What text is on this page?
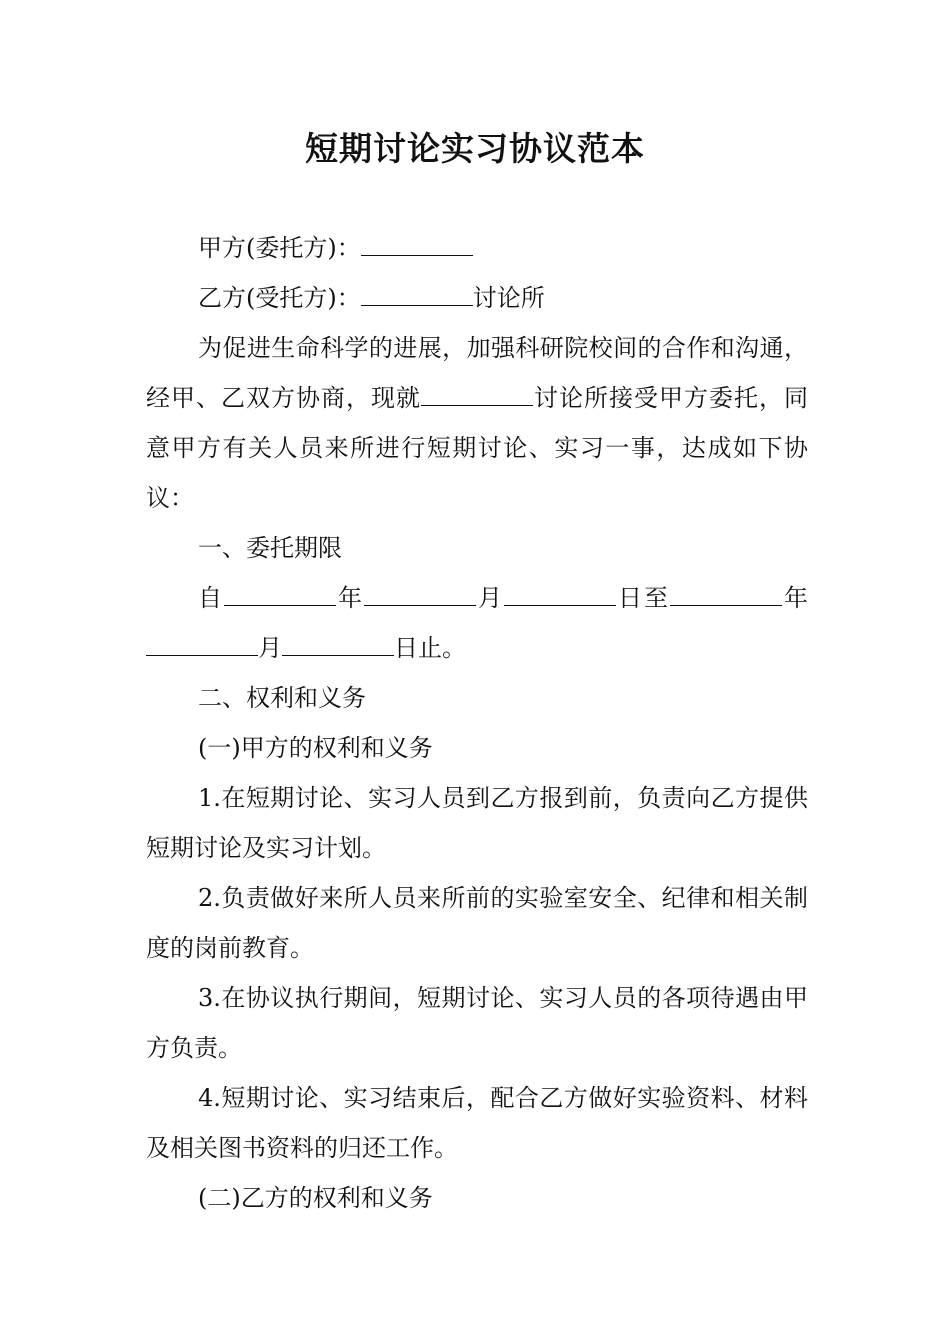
短期讨论实习协议范本

甲方(委托方)：

乙方(受托方)：	讨论所

为促进生命科学的进展，加强科研院校间的合作和沟通，经甲、乙双方协商，现就	讨论所接受甲方委托，同意甲方有关人员来所进行短期讨论、实习一事，达成如下协议：

一、委托期限

自	年	月	日至	年月	日止。

二、权利和义务

(一)甲方的权利和义务

1.在短期讨论、实习人员到乙方报到前，负责向乙方提供短期讨论及实习计划。

2.负责做好来所人员来所前的实验室安全、纪律和相关制度的岗前教育。

3.在协议执行期间，短期讨论、实习人员的各项待遇由甲方负责。

4.短期讨论、实习结束后，配合乙方做好实验资料、材料及相关图书资料的归还工作。

(二)乙方的权利和义务
